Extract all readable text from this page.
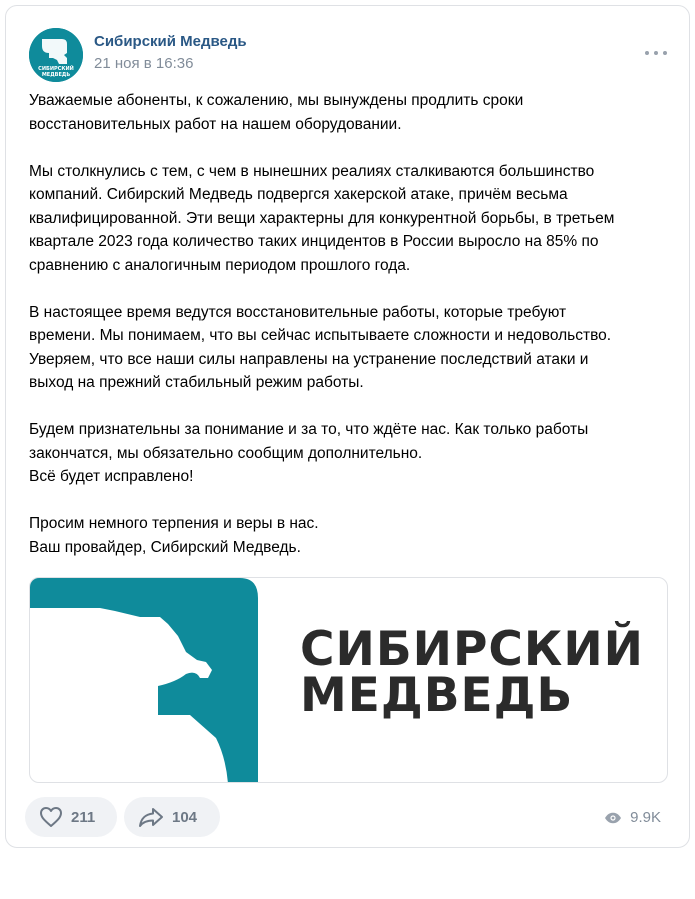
СИБИРСКИЙ
МЕДВЕДЬ
Сибирский Медведь
21 ноя в 16:36
Уважаемые абоненты, к сожалению, мы вынуждены продлить сроки
восстановительных работ на нашем оборудовании.
Мы столкнулись с тем, с чем в нынешних реалиях сталкиваются большинство
компаний. Сибирский Медведь подвергся хакерской атаке, причём весьма
квалифицированной. Эти вещи характерны для конкурентной борьбы, в третьем
квартале 2023 года количество таких инцидентов в России выросло на 85% по
сравнению с аналогичным периодом прошлого года.
В настоящее время ведутся восстановительные работы, которые требуют
времени. Мы понимаем, что вы сейчас испытываете сложности и недовольство.
Уверяем, что все наши силы направлены на устранение последствий атаки и
выход на прежний стабильный режим работы.
Будем признательны за понимание и за то, что ждёте нас. Как только работы
закончатся, мы обязательно сообщим дополнительно.
Всё будет исправлено!
Просим немного терпения и веры в нас.
Ваш провайдер, Сибирский Медведь.
СИБИРСКИЙ
МЕДВЕДЬ
211	104	9.9K
